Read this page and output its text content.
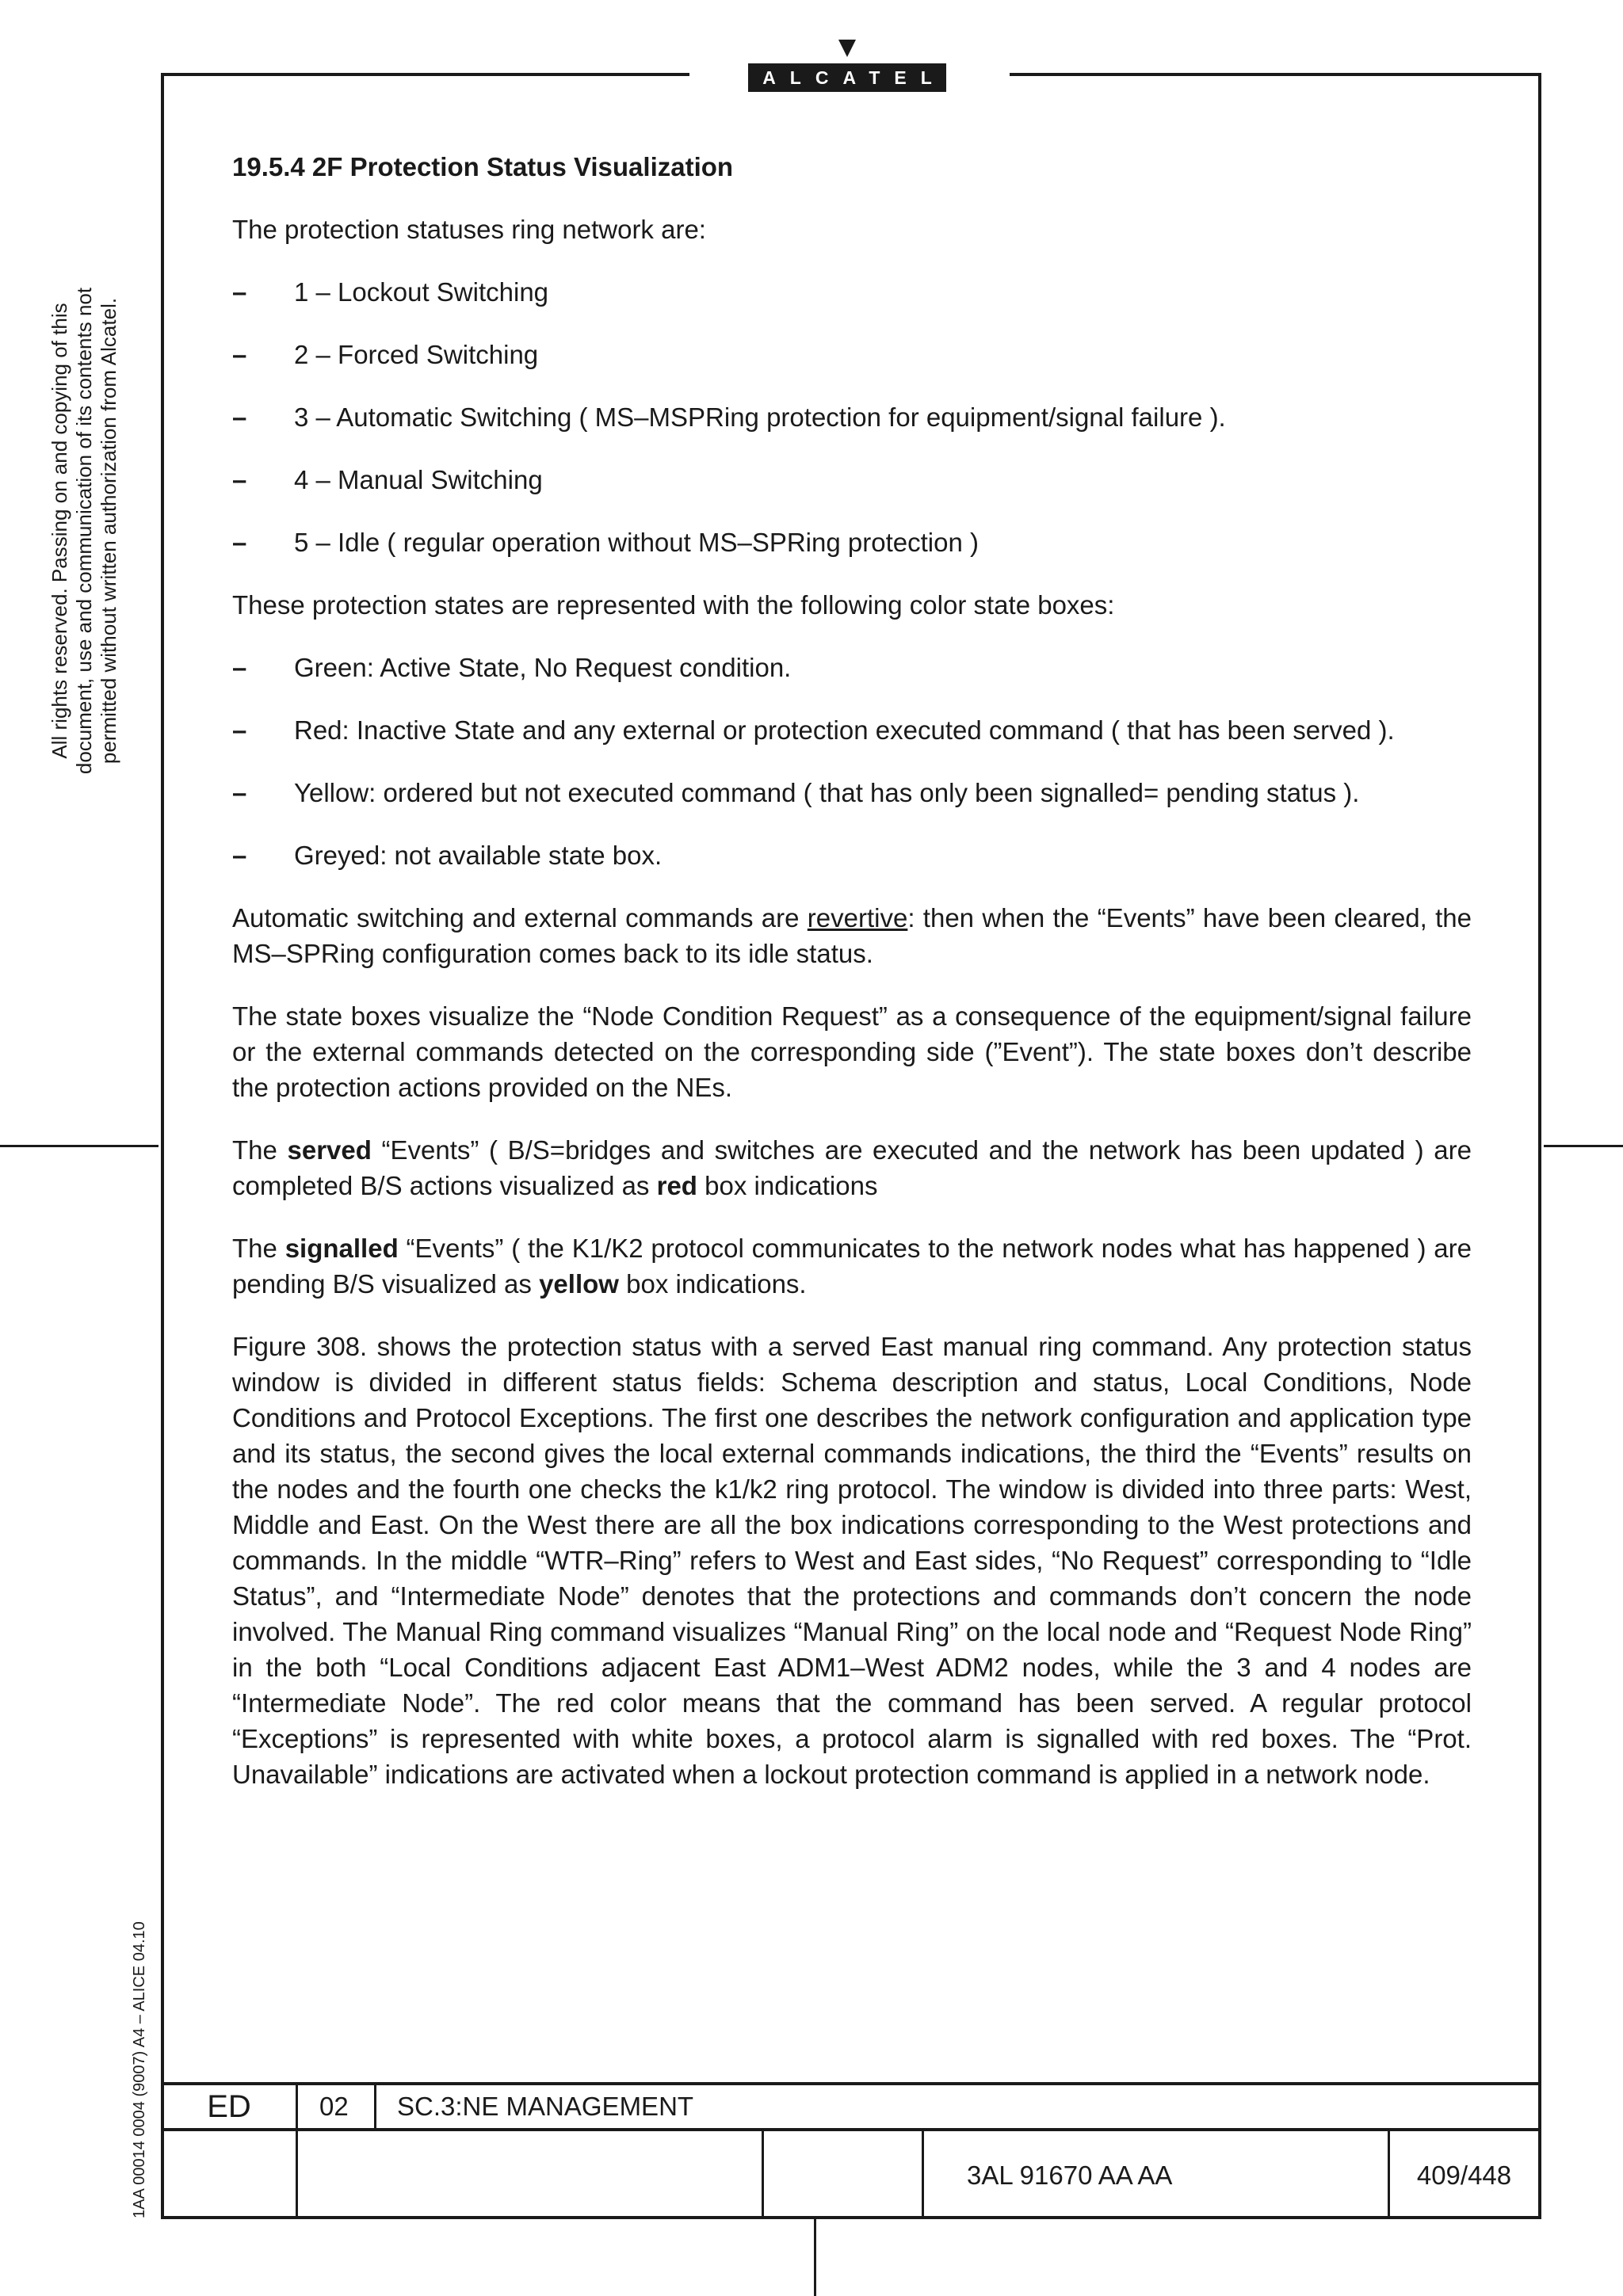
ALCATEL
All rights reserved. Passing on and copying of this document, use and communication of its contents not permitted without written authorization from Alcatel.
1AA 00014 0004 (9007) A4 – ALICE 04.10
19.5.4 2F Protection Status Visualization

The protection statuses ring network are:

– 1 – Lockout Switching
– 2 – Forced Switching
– 3 – Automatic Switching ( MS–MSPRing protection for equipment/signal failure ).
– 4 – Manual Switching
– 5 – Idle ( regular operation without MS–SPRing protection )

These protection states are represented with the following color state boxes:

– Green: Active State, No Request condition.
– Red: Inactive State and any external or protection executed command ( that has been served ).
– Yellow: ordered but not executed command ( that has only been signalled= pending status ).
– Greyed: not available state box.

Automatic switching and external commands are revertive: then when the “Events” have been cleared, the MS–SPRing configuration comes back to its idle status.

The state boxes visualize the “Node Condition Request” as a consequence of the equipment/signal failure or the external commands detected on the corresponding side (”Event”). The state boxes don’t describe the protection actions provided on the NEs.

The served “Events” ( B/S=bridges and switches are executed and the network has been updated ) are completed B/S actions visualized as red box indications

The signalled “Events” ( the K1/K2 protocol communicates to the network nodes what has happened ) are pending B/S visualized as yellow box indications.

Figure 308. shows the protection status with a served East manual ring command. Any protection status window is divided in different status fields: Schema description and status, Local Conditions, Node Conditions and Protocol Exceptions. The first one describes the network configuration and application type and its status, the second gives the local external commands indications, the third the “Events” results on the nodes and the fourth one checks the k1/k2 ring protocol. The window is divided into three parts: West, Middle and East. On the West there are all the box indications corresponding to the West protections and commands. In the middle “WTR–Ring” refers to West and East sides, “No Request” corresponding to “Idle Status”, and “Intermediate Node” denotes that the protections and commands don’t concern the node involved. The Manual Ring command visualizes “Manual Ring” on the local node and “Request Node Ring” in the both “Local Conditions adjacent East ADM1–West ADM2 nodes, while the 3 and 4 nodes are “Intermediate Node”. The red color means that the command has been served. A regular protocol “Exceptions” is represented with white boxes, a protocol alarm is signalled with red boxes. The “Prot. Unavailable” indications are activated when a lockout protection command is applied in a network node.

ED	02	SC.3:NE MANAGEMENT
3AL 91670 AA AA	409/448
